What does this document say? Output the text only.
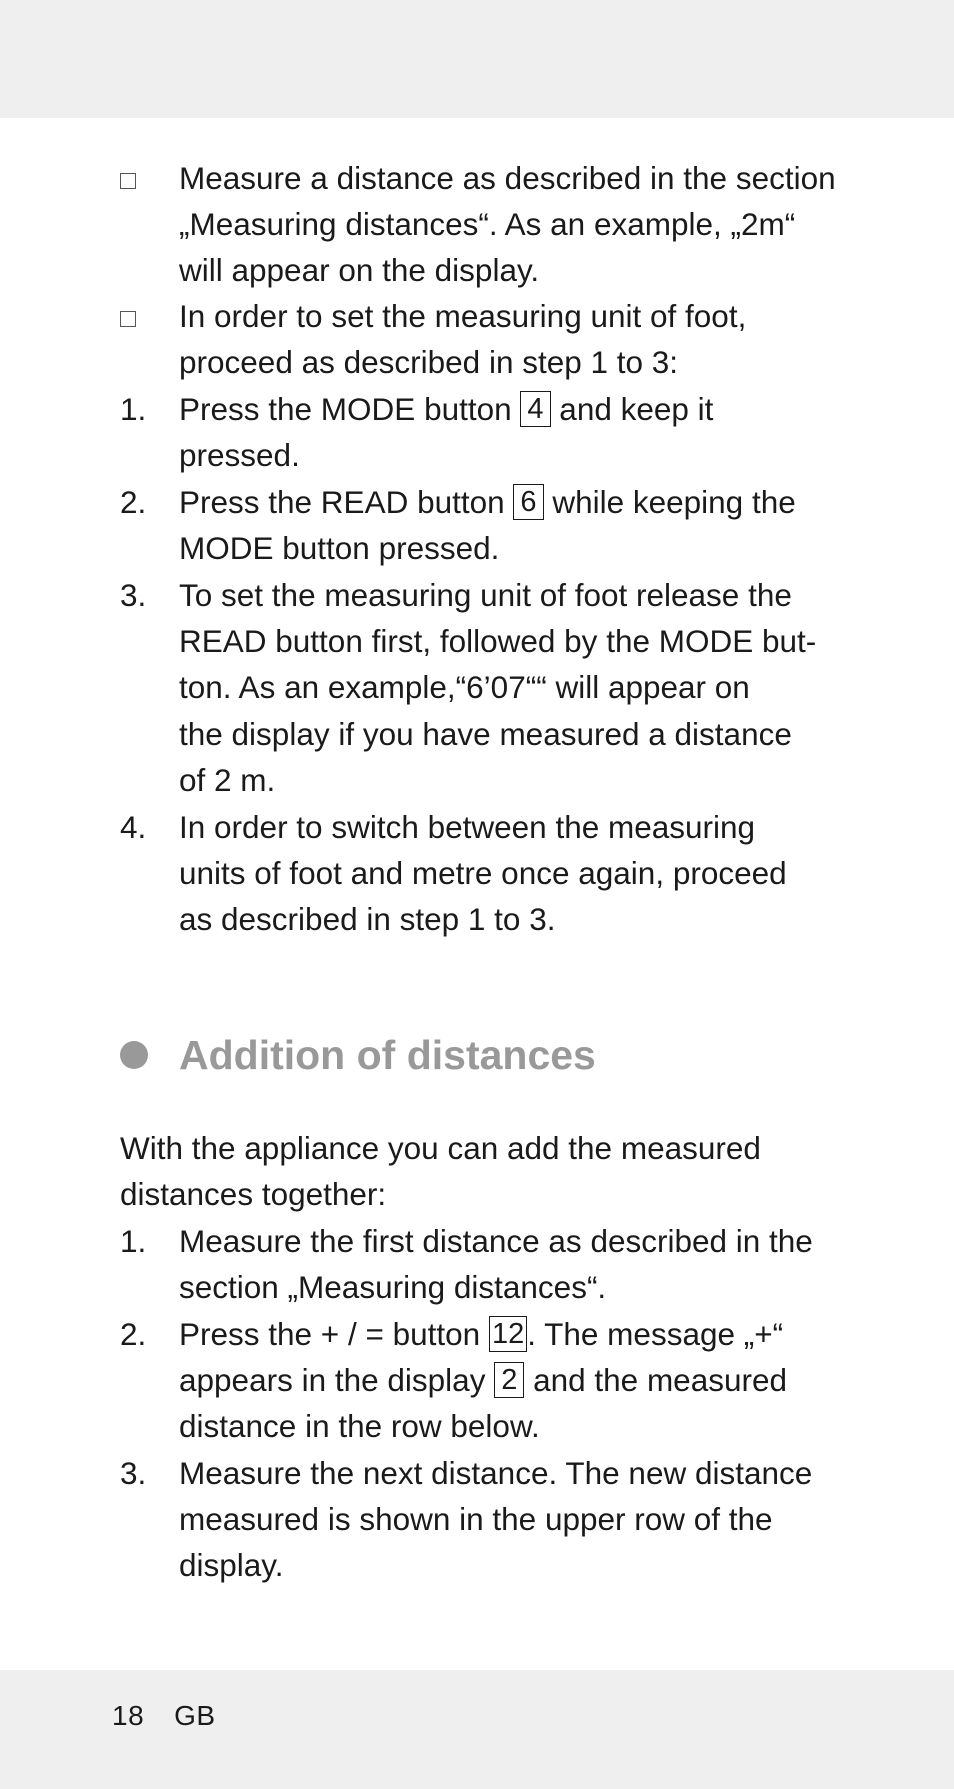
Measure a distance as described in the section
„Measuring distances“. As an example, „2m“
will appear on the display.
In order to set the measuring unit of foot,
proceed as described in step 1 to 3:
1.	Press the MODE button 4 and keep it
pressed.
2.	Press the READ button 6 while keeping the
MODE button pressed.
3.	To set the measuring unit of foot release the
READ button first, followed by the MODE but-
ton. As an example,“6’07““ will appear on
the display if you have measured a distance
of 2 m.
4.	In order to switch between the measuring
units of foot and metre once again, proceed
as described in step 1 to 3.
Addition of distances
With the appliance you can add the measured
distances together:
1.	Measure the first distance as described in the
section „Measuring distances“.
2.	Press the + / = button 12. The message „+“
appears in the display 2 and the measured
distance in the row below.
3.	Measure the next distance. The new distance
measured is shown in the upper row of the
display.
18 GB
